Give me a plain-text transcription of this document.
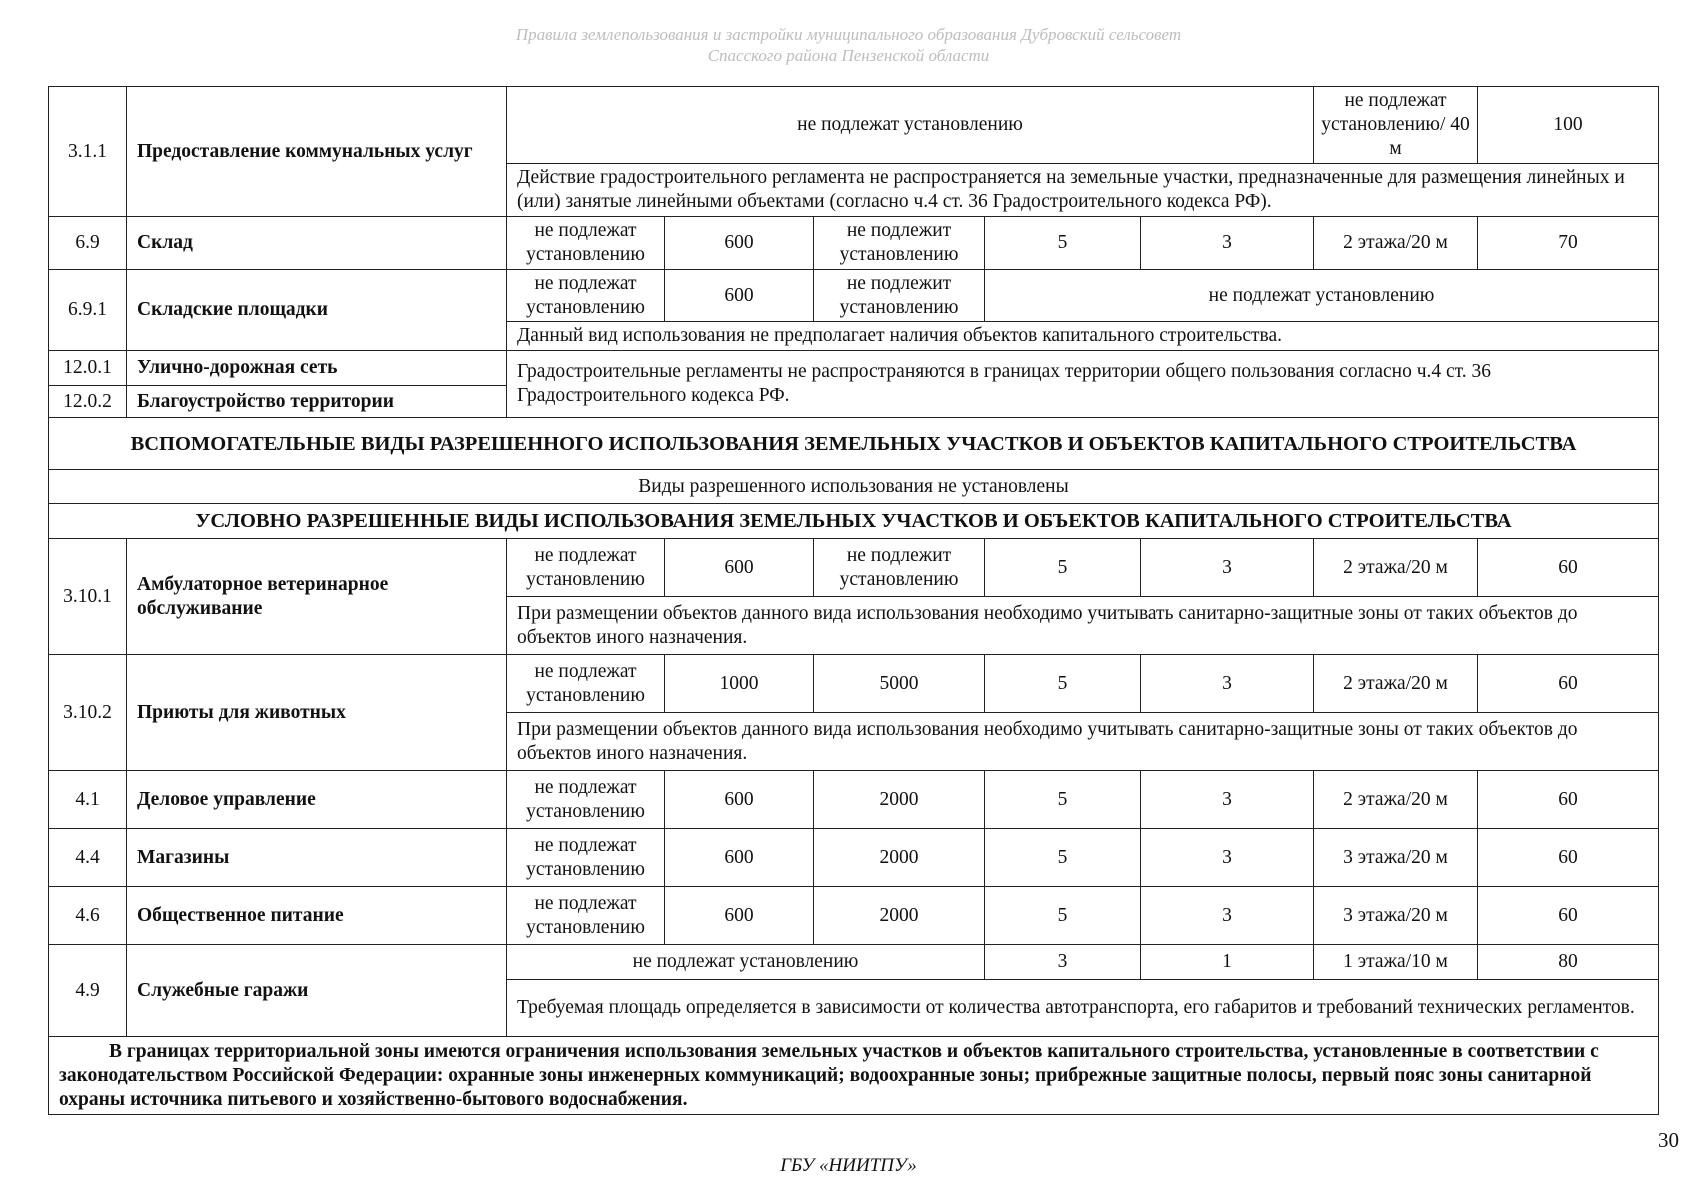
Правила землепользования и застройки муниципального образования Дубровский сельсовет
Спасского района Пензенской области
3.1.1	Предоставление коммунальных услуг	не подлежат установлению					не подлежат установлению/ 40 м	100
		Действие градостроительного регламента не распространяется на земельные участки, предназначенные для размещения линейных и (или) занятые линейными объектами (согласно ч.4 ст. 36 Градостроительного кодекса РФ).						
6.9	Склад	не подлежат установлению	600	не подлежит установлению	5	3	2 этажа/20 м	70
6.9.1	Складские площадки	не подлежат установлению	600	не подлежит установлению	не подлежат установлению			
		Данный вид использования не предполагает наличия объектов капитального строительства.						
12.0.1	Улично-дорожная сеть	Градостроительные регламенты не распространяются в границах территории общего пользования согласно ч.4 ст. 36 Градостроительного кодекса РФ.						
12.0.2	Благоустройство территории							
ВСПОМОГАТЕЛЬНЫЕ ВИДЫ РАЗРЕШЕННОГО ИСПОЛЬЗОВАНИЯ ЗЕМЕЛЬНЫХ УЧАСТКОВ И ОБЪЕКТОВ КАПИТАЛЬНОГО СТРОИТЕЛЬСТВА								
Виды разрешенного использования не установлены								
УСЛОВНО РАЗРЕШЕННЫЕ ВИДЫ ИСПОЛЬЗОВАНИЯ ЗЕМЕЛЬНЫХ УЧАСТКОВ И ОБЪЕКТОВ КАПИТАЛЬНОГО СТРОИТЕЛЬСТВА								
3.10.1	Амбулаторное ветеринарное обслуживание	не подлежат установлению	600	не подлежит установлению	5	3	2 этажа/20 м	60
		При размещении объектов данного вида использования необходимо учитывать санитарно-защитные зоны от таких объектов до объектов иного назначения.						
3.10.2	Приюты для животных	не подлежат установлению	1000	5000	5	3	2 этажа/20 м	60
		При размещении объектов данного вида использования необходимо учитывать санитарно-защитные зоны от таких объектов до объектов иного назначения.						
4.1	Деловое управление	не подлежат установлению	600	2000	5	3	2 этажа/20 м	60
4.4	Магазины	не подлежат установлению	600	2000	5	3	3 этажа/20 м	60
4.6	Общественное питание	не подлежат установлению	600	2000	5	3	3 этажа/20 м	60
4.9	Служебные гаражи	не подлежат установлению			3	1	1 этажа/10 м	80
		Требуемая площадь определяется в зависимости от количества автотранспорта, его габаритов и требований технических регламентов.						
В границах территориальной зоны имеются ограничения использования земельных участков и объектов капитального строительства, установленные в соответствии с законодательством Российской Федерации: охранные зоны инженерных коммуникаций; водоохранные зоны; прибрежные защитные полосы, первый пояс зоны санитарной охраны источника питьевого и хозяйственно-бытового водоснабжения.								
30
ГБУ «НИИТПУ»
